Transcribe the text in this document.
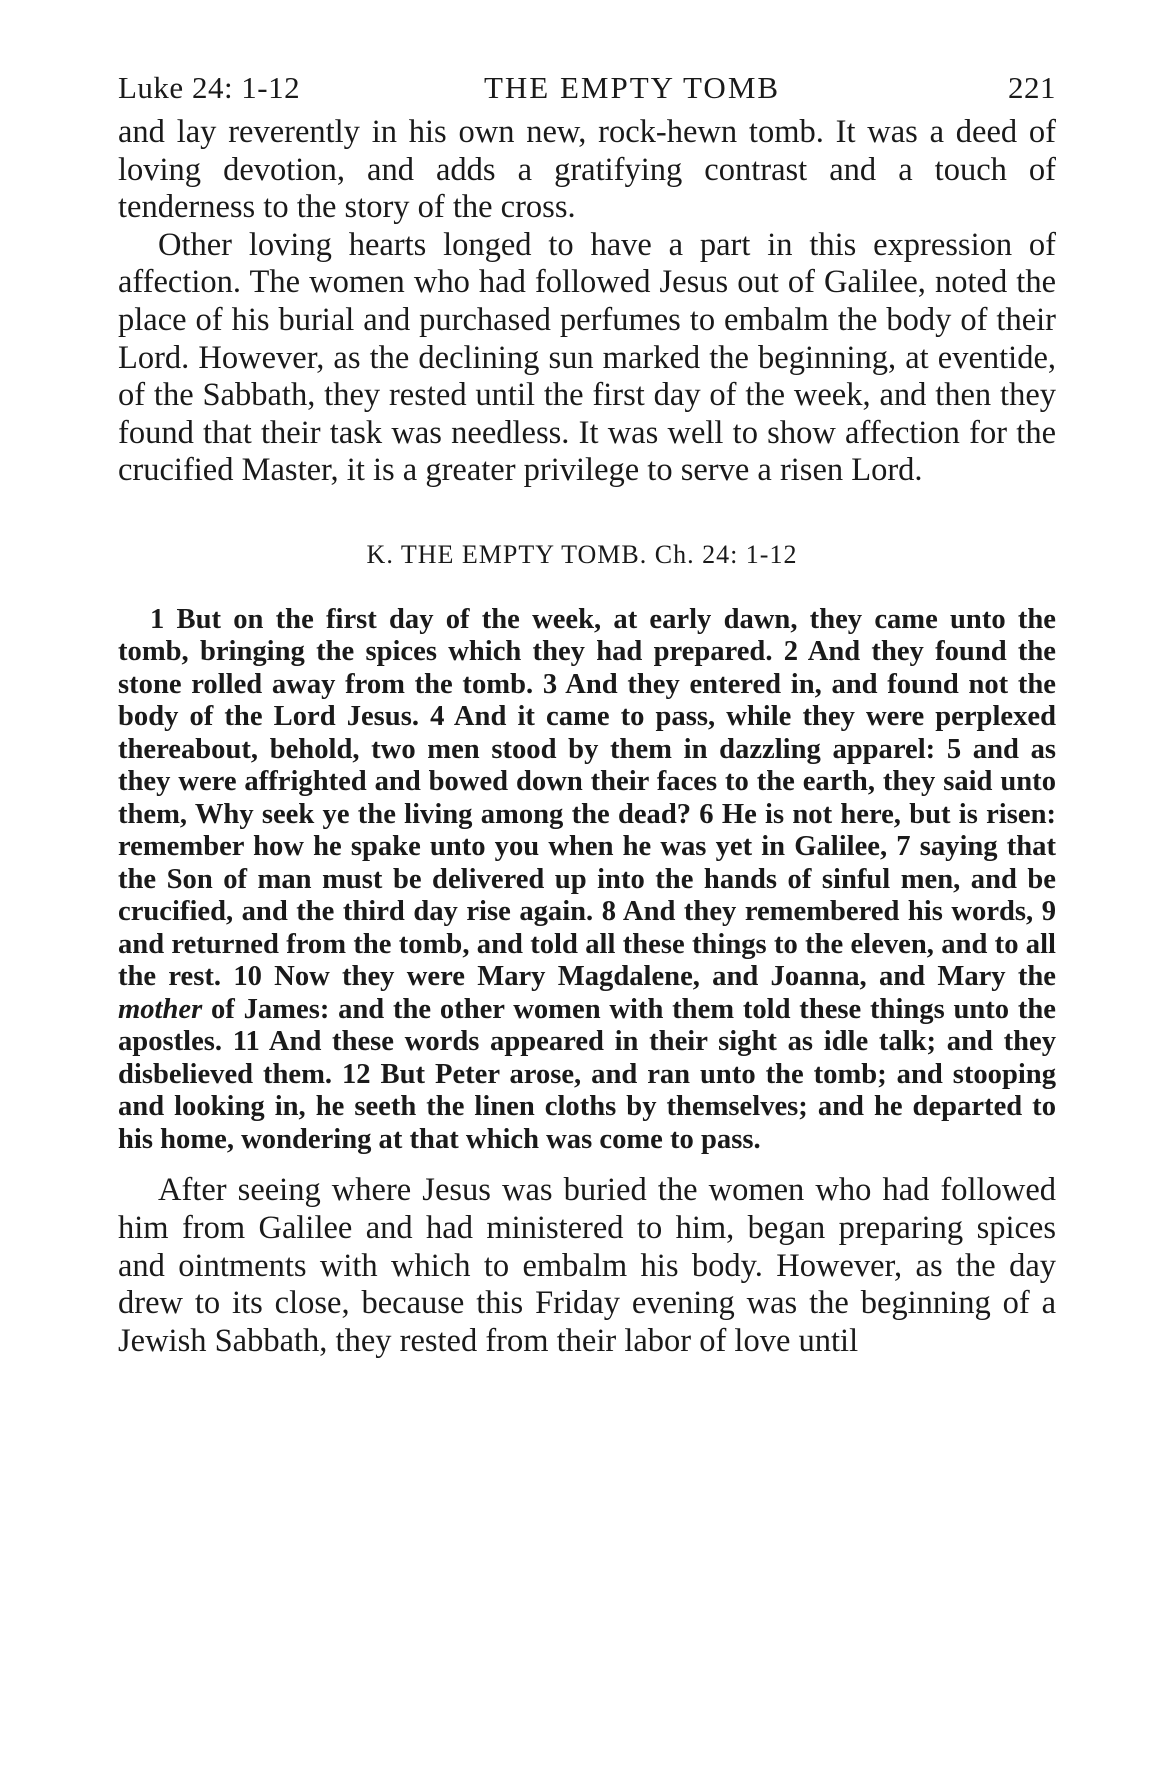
Luke 24: 1-12	THE EMPTY TOMB	221

and lay reverently in his own new, rock-hewn tomb. It was a deed of loving devotion, and adds a gratifying contrast and a touch of tenderness to the story of the cross.

Other loving hearts longed to have a part in this expression of affection. The women who had followed Jesus out of Galilee, noted the place of his burial and purchased perfumes to embalm the body of their Lord. However, as the declining sun marked the beginning, at eventide, of the Sabbath, they rested until the first day of the week, and then they found that their task was needless. It was well to show affection for the crucified Master, it is a greater privilege to serve a risen Lord.

K. THE EMPTY TOMB. Ch. 24: 1-12

1 But on the first day of the week, at early dawn, they came unto the tomb, bringing the spices which they had prepared. 2 And they found the stone rolled away from the tomb. 3 And they entered in, and found not the body of the Lord Jesus. 4 And it came to pass, while they were perplexed thereabout, behold, two men stood by them in dazzling apparel: 5 and as they were affrighted and bowed down their faces to the earth, they said unto them, Why seek ye the living among the dead? 6 He is not here, but is risen: remember how he spake unto you when he was yet in Galilee, 7 saying that the Son of man must be delivered up into the hands of sinful men, and be crucified, and the third day rise again. 8 And they remembered his words, 9 and returned from the tomb, and told all these things to the eleven, and to all the rest. 10 Now they were Mary Magdalene, and Joanna, and Mary the mother of James: and the other women with them told these things unto the apostles. 11 And these words appeared in their sight as idle talk; and they disbelieved them. 12 But Peter arose, and ran unto the tomb; and stooping and looking in, he seeth the linen cloths by themselves; and he departed to his home, wondering at that which was come to pass.

After seeing where Jesus was buried the women who had followed him from Galilee and had ministered to him, began preparing spices and ointments with which to embalm his body. However, as the day drew to its close, because this Friday evening was the beginning of a Jewish Sabbath, they rested from their labor of love until
